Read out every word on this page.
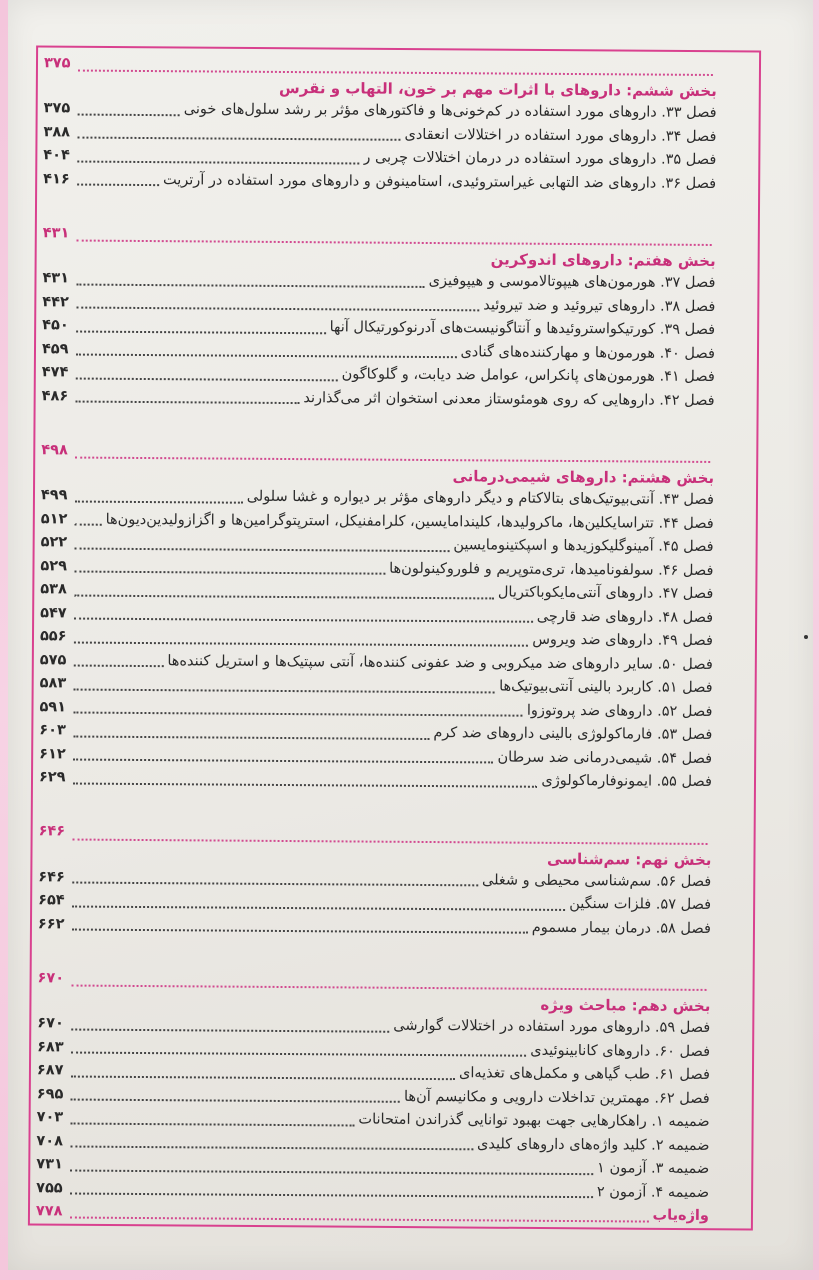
۳۷۵
بخش ششم: داروهای با اثرات مهم بر خون، التهاب و نقرس
فصل ۳۳. داروهای مورد استفاده در کم‌خونی‌ها و فاکتورهای مؤثر بر رشد سلول‌های خونی
۳۷۵
فصل ۳۴. داروهای مورد استفاده در اختلالات انعقادی
۳۸۸
فصل ۳۵. داروهای مورد استفاده در درمان اختلالات چربی ر
۴۰۴
فصل ۳۶. داروهای ضد التهابی غیراستروئیدی، استامینوفن و داروهای مورد استفاده در آرتریت
۴۱۶
۴۳۱
بخش هفتم: داروهای اندوکرین
فصل ۳۷. هورمون‌های هیپوتالاموسی و هیپوفیزی
۴۳۱
فصل ۳۸. داروهای تیروئید و ضد تیروئید
۴۴۲
فصل ۳۹. کورتیکواستروئیدها و آنتاگونیست‌های آدرنوکورتیکال آنها
۴۵۰
فصل ۴۰. هورمون‌ها و مهارکننده‌های گنادی
۴۵۹
فصل ۴۱. هورمون‌های پانکراس، عوامل ضد دیابت، و گلوکاگون
۴۷۴
فصل ۴۲. داروهایی که روی هومئوستاز معدنی استخوان اثر می‌گذارند
۴۸۶
۴۹۸
بخش هشتم: داروهای شیمی‌درمانی
فصل ۴۳. آنتی‌بیوتیک‌های بتالاکتام و دیگر داروهای مؤثر بر دیواره و غشا سلولی
۴۹۹
فصل ۴۴. تتراسایکلین‌ها، ماکرولیدها، کلیندامایسین، کلرامفنیکل، استرپتوگرامین‌ها و اگزازولیدین‌دیون‌ها
۵۱۲
فصل ۴۵. آمینوگلیکوزیدها و اسپکتینومایسین
۵۲۲
فصل ۴۶. سولفونامیدها، تری‌متوپریم و فلوروکینولون‌ها
۵۲۹
فصل ۴۷. داروهای آنتی‌مایکوباکتریال
۵۳۸
فصل ۴۸. داروهای ضد قارچی
۵۴۷
فصل ۴۹. داروهای ضد ویروس
۵۵۶
فصل ۵۰. سایر داروهای ضد میکروبی و ضد عفونی کننده‌ها، آنتی سپتیک‌ها و استریل کننده‌ها
۵۷۵
فصل ۵۱. کاربرد بالینی آنتی‌بیوتیک‌ها
۵۸۳
فصل ۵۲. داروهای ضد پروتوزوا
۵۹۱
فصل ۵۳. فارماکولوژی بالینی داروهای ضد کرم
۶۰۳
فصل ۵۴. شیمی‌درمانی ضد سرطان
۶۱۲
فصل ۵۵. ایمونوفارماکولوژی
۶۲۹
۶۴۶
بخش نهم: سم‌شناسی
فصل ۵۶. سم‌شناسی محیطی و شغلی
۶۴۶
فصل ۵۷. فلزات سنگین
۶۵۴
فصل ۵۸. درمان بیمار مسموم
۶۶۲
۶۷۰
بخش دهم: مباحث ویژه
فصل ۵۹. داروهای مورد استفاده در اختلالات گوارشی
۶۷۰
فصل ۶۰. داروهای کانابینوئیدی
۶۸۳
فصل ۶۱. طب گیاهی و مکمل‌های تغذیه‌ای
۶۸۷
فصل ۶۲. مهمترین تداخلات دارویی و مکانیسم آن‌ها
۶۹۵
ضمیمه ۱. راهکارهایی جهت بهبود توانایی گذراندن امتحانات
۷۰۳
ضمیمه ۲. کلید واژه‌های داروهای کلیدی
۷۰۸
ضمیمه ۳. آزمون ۱
۷۳۱
ضمیمه ۴. آزمون ۲
۷۵۵
واژه‌یاب
۷۷۸
